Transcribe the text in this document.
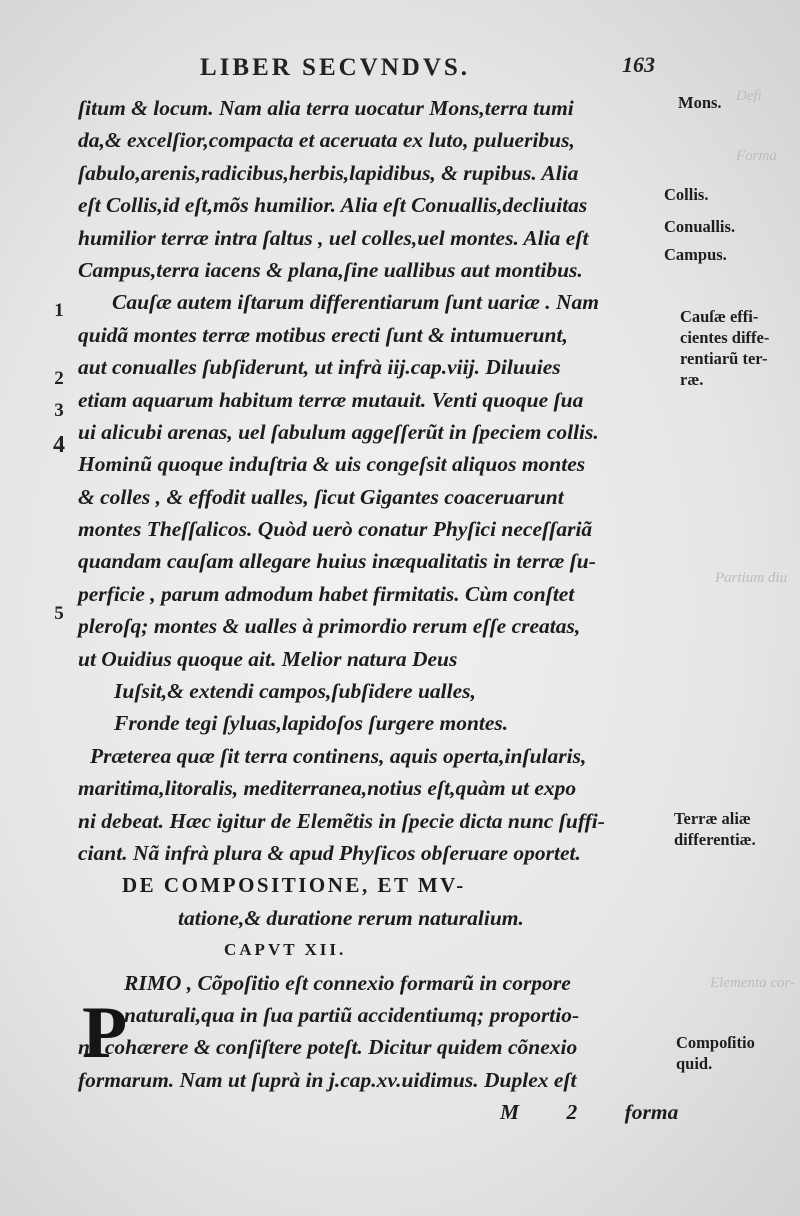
LIBER SECVNDVS.	163
Defi
Forma
Partium diu
Elementa cor-
ſitum & locum. Nam alia terra uocatur Mons,terra tumi
da,& excelſior,compacta et aceruata ex luto, pulueribus,
ſabulo,arenis,radicibus,herbis,lapidibus, & rupibus. Alia
eſt Collis,id eſt,mõs humilior. Alia eſt Conuallis,decliuitas
humilior terræ intra ſaltus , uel colles,uel montes. Alia eſt
Campus,terra iacens & plana,ſine uallibus aut montibus.
Cauſæ autem iſtarum differentiarum ſunt uariæ . Nam
quidã montes terræ motibus erecti ſunt & intumuerunt,
aut conualles ſubſiderunt, ut infrà iij.cap.viij. Diluuies
etiam aquarum habitum terræ mutauit. Venti quoque ſua
ui alicubi arenas, uel ſabulum aggeſſerũt in ſpeciem collis.
Hominũ quoque induſtria & uis congeſsit aliquos montes
& colles , & effodit ualles, ſicut Gigantes coaceruarunt
montes Theſſalicos. Quòd uerò conatur Phyſici neceſſariã
quandam cauſam allegare huius inæqualitatis in terræ ſu-
perficie , parum admodum habet firmitatis. Cùm conſtet
pleroſq; montes & ualles à primordio rerum eſſe creatas,
ut Ouidius quoque ait. Melior natura Deus
Iuſsit,& extendi campos,ſubſidere ualles,
Fronde tegi ſyluas,lapidoſos ſurgere montes.
Præterea quæ ſit terra continens, aquis operta,inſularis,
maritima,litoralis, mediterranea,notius eſt,quàm ut expo
ni debeat. Hæc igitur de Elemẽtis in ſpecie dicta nunc ſuffi-
ciant. Nã infrà plura & apud Phyſicos obſeruare oportet.
DE COMPOSITIONE, ET MV-
tatione,& duratione rerum naturalium.
CAPVT XII.
RIMO , Cõpoſitio eſt connexio formarũ in corpore
naturali,qua in ſua partiũ accidentiumq; proportio-
ne cohærere & conſiſtere poteſt. Dicitur quidem cõnexio
formarum. Nam ut ſuprà in j.cap.xv.uidimus. Duplex eſt
M 2 forma
P
1
2
3
4
5
Mons.
Collis.
Conuallis.
Campus.
Cauſæ effi-
cientes diffe-
rentiarũ ter-
ræ.
Terræ aliæ
differentiæ.
Compoſitio
quid.
